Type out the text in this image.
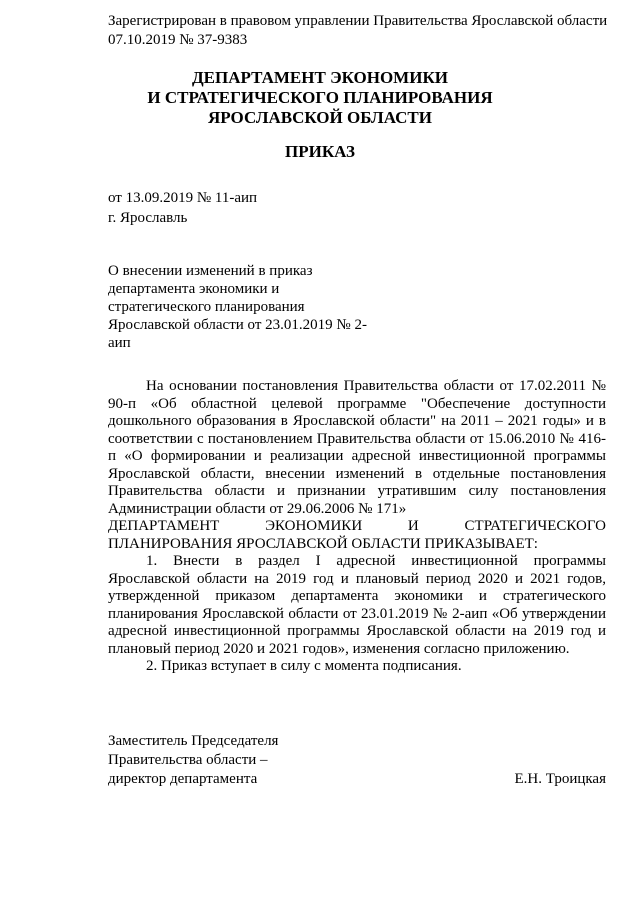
Зарегистрирован в правовом управлении Правительства Ярославской области
07.10.2019 № 37-9383
ДЕПАРТАМЕНТ ЭКОНОМИКИ
И СТРАТЕГИЧЕСКОГО ПЛАНИРОВАНИЯ
ЯРОСЛАВСКОЙ ОБЛАСТИ
ПРИКАЗ
от 13.09.2019 № 11-аип
г. Ярославль
О внесении изменений в приказ департамента экономики и стратегического планирования Ярославской области от 23.01.2019 № 2-аип

На основании постановления Правительства области от 17.02.2011 № 90-п «Об областной целевой программе "Обеспечение доступности дошкольного образования в Ярославской области" на 2011 – 2021 годы» и в соответствии с постановлением Правительства области от 15.06.2010 № 416-п «О формировании и реализации адресной инвестиционной программы Ярославской области, внесении изменений в отдельные постановления Правительства области и признании утратившим силу постановления Администрации области от 29.06.2006 № 171»

ДЕПАРТАМЕНТ ЭКОНОМИКИ И СТРАТЕГИЧЕСКОГО

ПЛАНИРОВАНИЯ ЯРОСЛАВСКОЙ ОБЛАСТИ ПРИКАЗЫВАЕТ:

1. Внести в раздел I адресной инвестиционной программы Ярославской области на 2019 год и плановый период 2020 и 2021 годов, утвержденной приказом департамента экономики и стратегического планирования Ярославской области от 23.01.2019 № 2-аип «Об утверждении адресной инвестиционной программы Ярославской области на 2019 год и плановый период 2020 и 2021 годов», изменения согласно приложению.

2. Приказ вступает в силу с момента подписания.

Заместитель Председателя
Правительства области –
директор департамента	Е.Н. Троицкая
